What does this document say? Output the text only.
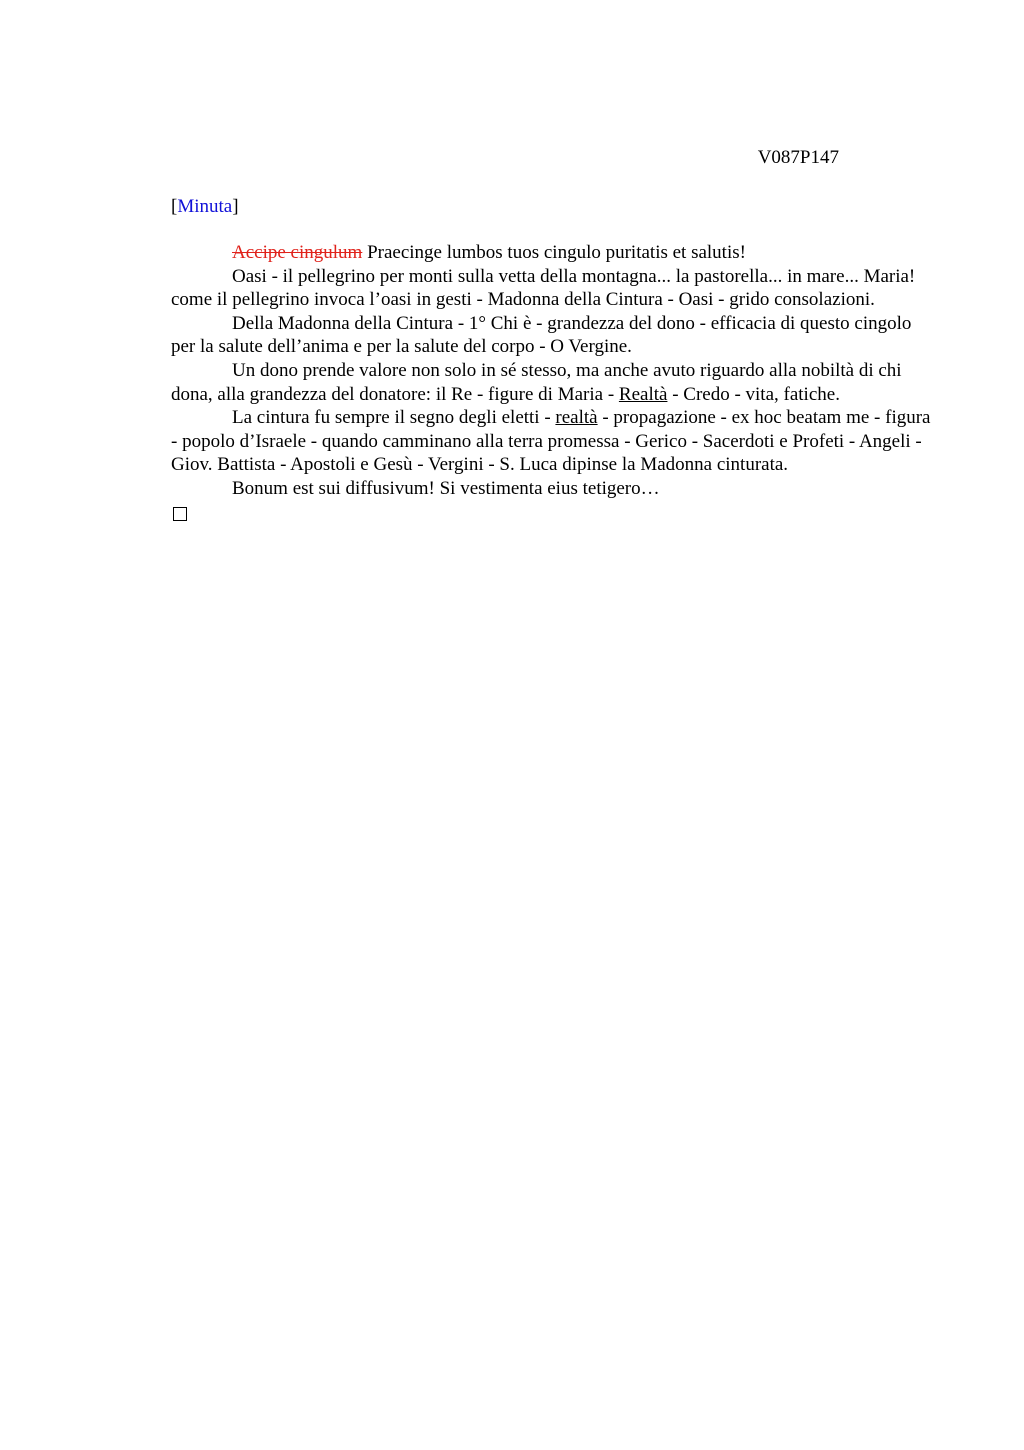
V087P147
[Minuta]

Accipe cingulum Praecinge lumbos tuos cingulo puritatis et salutis!

Oasi - il pellegrino per monti sulla vetta della montagna... la pastorella... in mare... Maria! come il pellegrino invoca l’oasi in gesti - Madonna della Cintura - Oasi - grido consolazioni.

Della Madonna della Cintura - 1° Chi è - grandezza del dono - efficacia di questo cingolo per la salute dell’anima e per la salute del corpo - O Vergine.

Un dono prende valore non solo in sé stesso, ma anche avuto riguardo alla nobiltà di chi dona, alla grandezza del donatore: il Re - figure di Maria - Realtà - Credo - vita, fatiche.

La cintura fu sempre il segno degli eletti - realtà - propagazione - ex hoc beatam me - figura - popolo d’Israele - quando camminano alla terra promessa - Gerico - Sacerdoti e Profeti - Angeli - Giov. Battista - Apostoli e Gesù - Vergini - S. Luca dipinse la Madonna cinturata.

Bonum est sui diffusivum! Si vestimenta eius tetigero…
